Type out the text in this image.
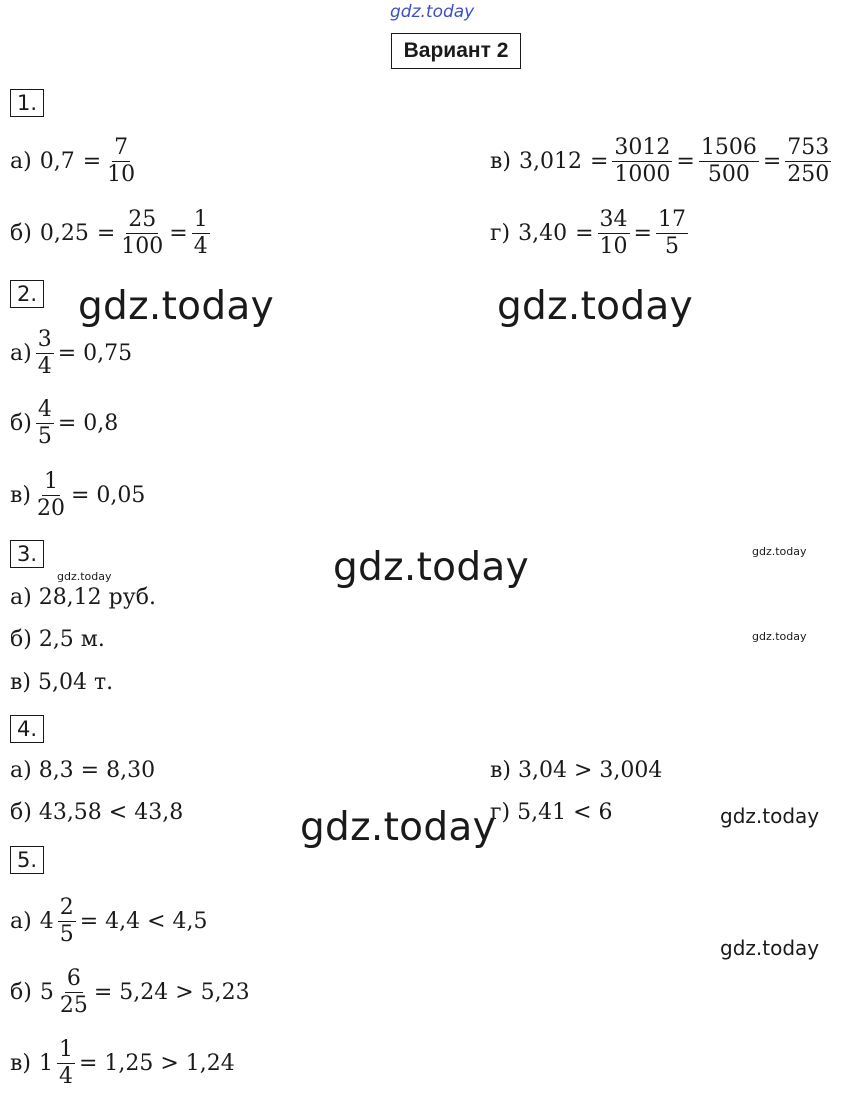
gdz.today
Вариант 2
1.
а) $0,7 = \frac{7}{10}$
б) $0,25 = \frac{25}{100} = \frac{1}{4}$
в) $3,012 = \frac{3012}{1000} = \frac{1506}{500} = \frac{753}{250}$
г) $3,40 = \frac{34}{10} = \frac{17}{5}$
2. gdz.today	gdz.today
$а) \frac{3}{4} = 0,75$
$б) \frac{4}{5} = 0,8$
$в) \frac{1}{20} = 0,05$
3.
gdz.today	gdz.today	gdz.today
gdz.today
а) 28,12 руб.
б) 2,5 м.
в) 5,04 т.
4.
а) 8,3 = 8,30
б) 43,58 < 43,8
в) 3,04 > 3,004
г) 5,41 < 6
gdz.today	gdz.today
5.
gdz.today
а) $4 \frac{2}{5} = 4,4 < 4,5$
б) $5 \frac{6}{25} = 5,24 > 5,23$
в) $1 \frac{1}{4} = 1,25 > 1,24$
